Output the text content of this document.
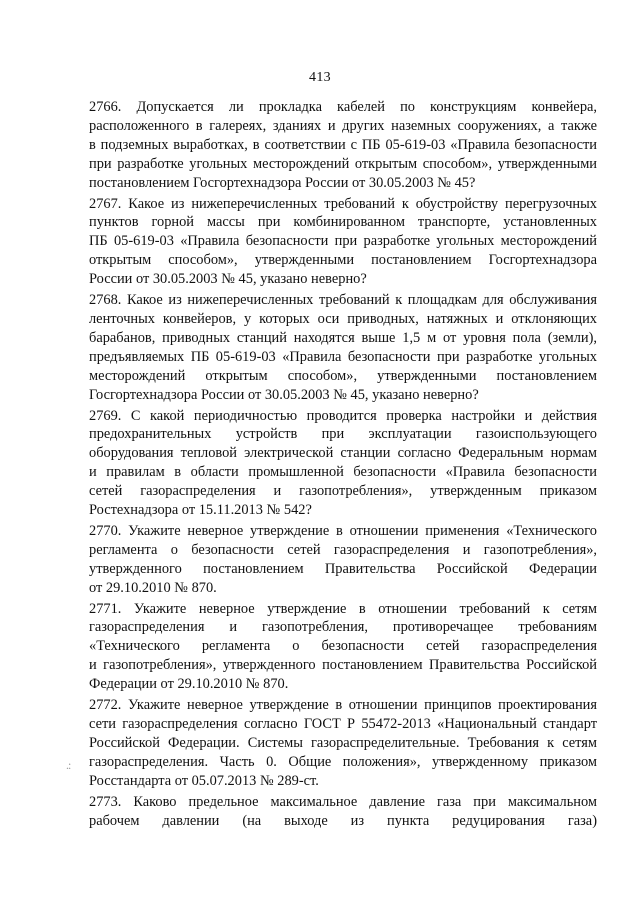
413
.:
2766. Допускается ли прокладка кабелей по конструкциям конвейера,
расположенного в галереях, зданиях и других наземных сооружениях, а также
в подземных выработках, в соответствии с ПБ 05-619-03 «Правила безопасности
при разработке угольных месторождений открытым способом», утвержденными
постановлением Госгортехнадзора России от 30.05.2003 № 45?
2767. Какое из нижеперечисленных требований к обустройству перегрузочных
пунктов горной массы при комбинированном транспорте, установленных
ПБ 05-619-03 «Правила безопасности при разработке угольных месторождений
открытым способом», утвержденными постановлением Госгортехнадзора
России от 30.05.2003 № 45, указано неверно?
2768. Какое из нижеперечисленных требований к площадкам для обслуживания
ленточных конвейеров, у которых оси приводных, натяжных и отклоняющих
барабанов, приводных станций находятся выше 1,5 м от уровня пола (земли),
предъявляемых ПБ 05-619-03 «Правила безопасности при разработке угольных
месторождений открытым способом», утвержденными постановлением
Госгортехнадзора России от 30.05.2003 № 45, указано неверно?
2769. С какой периодичностью проводится проверка настройки и действия
предохранительных устройств при эксплуатации газоиспользующего
оборудования тепловой электрической станции согласно Федеральным нормам
и правилам в области промышленной безопасности «Правила безопасности
сетей газораспределения и газопотребления», утвержденным приказом
Ростехнадзора от 15.11.2013 № 542?
2770. Укажите неверное утверждение в отношении применения «Технического
регламента о безопасности сетей газораспределения и газопотребления»,
утвержденного постановлением Правительства Российской Федерации
от 29.10.2010 № 870.
2771. Укажите неверное утверждение в отношении требований к сетям
газораспределения и газопотребления, противоречащее требованиям
«Технического регламента о безопасности сетей газораспределения
и газопотребления», утвержденного постановлением Правительства Российской
Федерации от 29.10.2010 № 870.
2772. Укажите неверное утверждение в отношении принципов проектирования
сети газораспределения согласно ГОСТ Р 55472-2013 «Национальный стандарт
Российской Федерации. Системы газораспределительные. Требования к сетям
газораспределения. Часть 0. Общие положения», утвержденному приказом
Росстандарта от 05.07.2013 № 289-ст.
2773. Каково предельное максимальное давление газа при максимальном
рабочем давлении (на выходе из пункта редуцирования газа)
